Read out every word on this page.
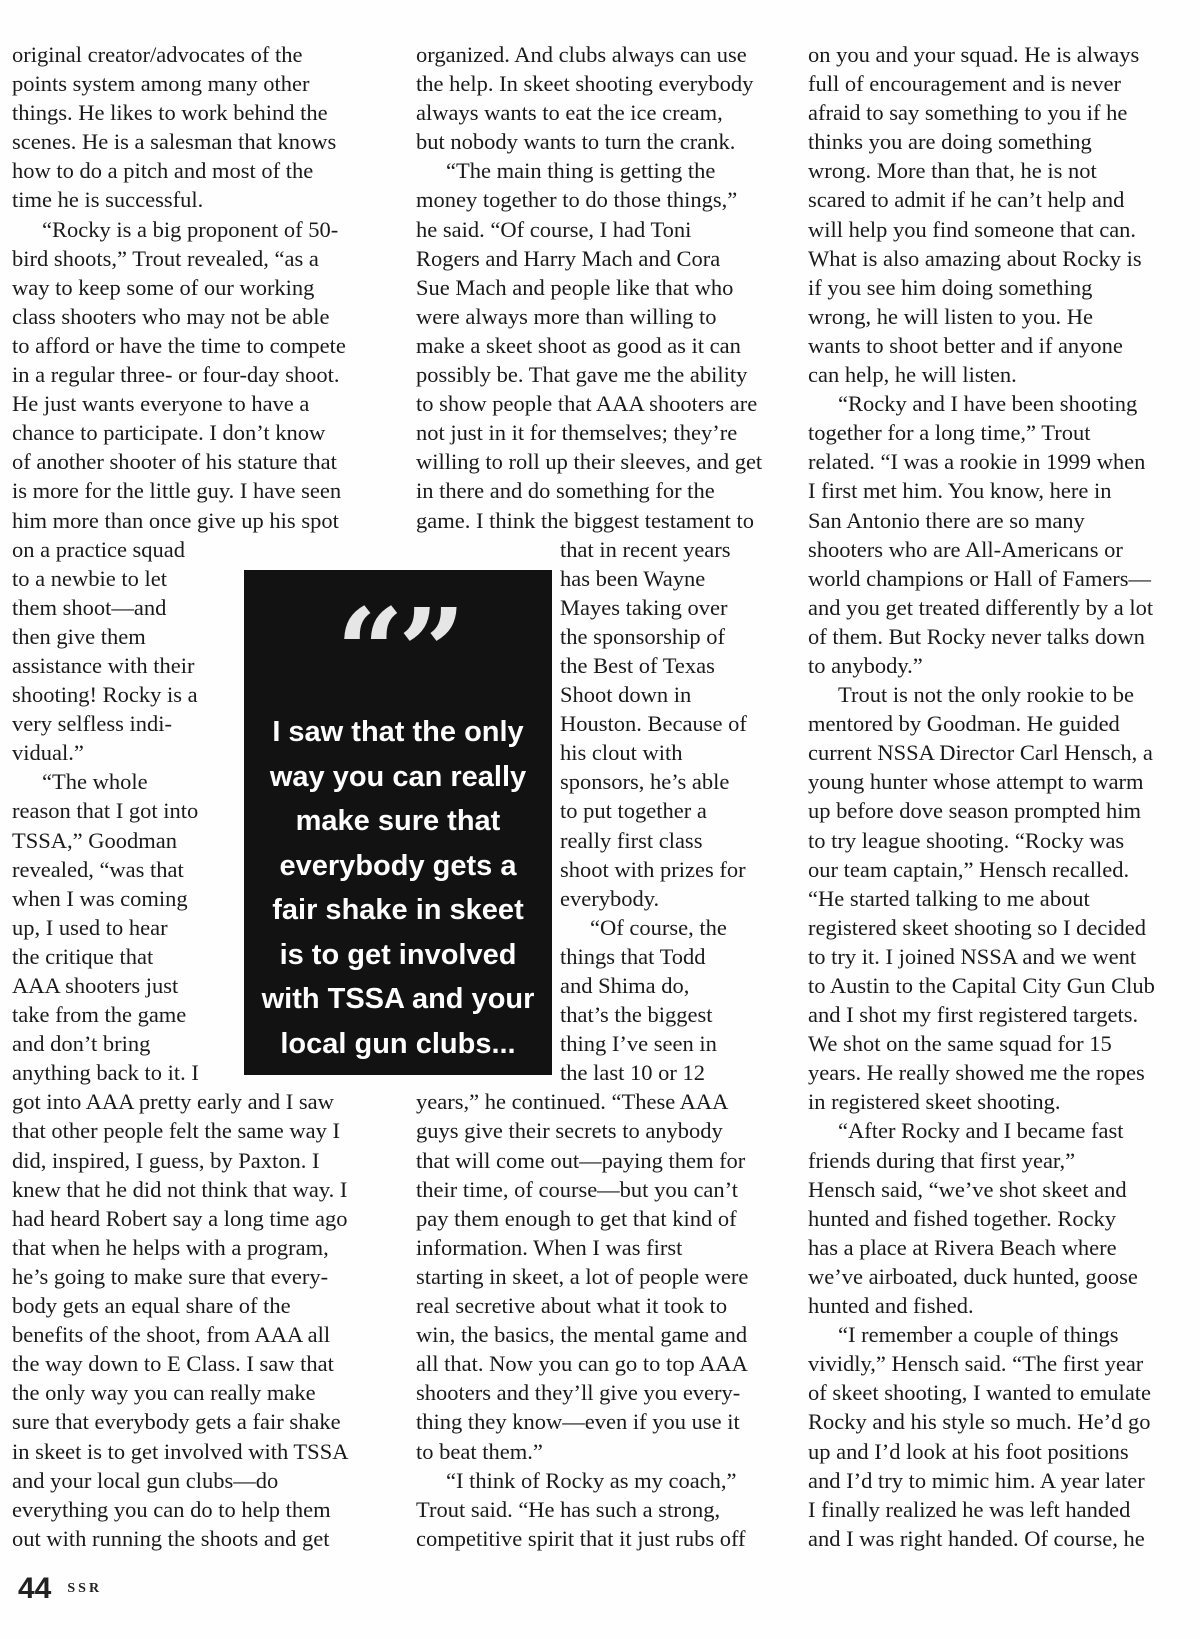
original creator/advocates of the
points system among many other
things. He likes to work behind the
scenes. He is a salesman that knows
how to do a pitch and most of the
time he is successful.
“Rocky is a big proponent of 50-
bird shoots,” Trout revealed, “as a
way to keep some of our working
class shooters who may not be able
to afford or have the time to compete
in a regular three- or four-day shoot.
He just wants everyone to have a
chance to participate. I don’t know
of another shooter of his stature that
is more for the little guy. I have seen
him more than once give up his spot
on a practice squad
to a newbie to let
them shoot—and
then give them
assistance with their
shooting! Rocky is a
very selfless indi-
vidual.”
“The whole
reason that I got into
TSSA,” Goodman
revealed, “was that
when I was coming
up, I used to hear
the critique that
AAA shooters just
take from the game
and don’t bring
anything back to it. I
got into AAA pretty early and I saw
that other people felt the same way I
did, inspired, I guess, by Paxton. I
knew that he did not think that way. I
had heard Robert say a long time ago
that when he helps with a program,
he’s going to make sure that every-
body gets an equal share of the
benefits of the shoot, from AAA all
the way down to E Class. I saw that
the only way you can really make
sure that everybody gets a fair shake
in skeet is to get involved with TSSA
and your local gun clubs—do
everything you can do to help them
out with running the shoots and get
organized. And clubs always can use
the help. In skeet shooting everybody
always wants to eat the ice cream,
but nobody wants to turn the crank.
“The main thing is getting the
money together to do those things,”
he said. “Of course, I had Toni
Rogers and Harry Mach and Cora
Sue Mach and people like that who
were always more than willing to
make a skeet shoot as good as it can
possibly be. That gave me the ability
to show people that AAA shooters are
not just in it for themselves; they’re
willing to roll up their sleeves, and get
in there and do something for the
game. I think the biggest testament to
that in recent years
has been Wayne
Mayes taking over
the sponsorship of
the Best of Texas
Shoot down in
Houston. Because of
his clout with
sponsors, he’s able
to put together a
really first class
shoot with prizes for
everybody.
“Of course, the
things that Todd
and Shima do,
that’s the biggest
thing I’ve seen in
the last 10 or 12
years,” he continued. “These AAA
guys give their secrets to anybody
that will come out—paying them for
their time, of course—but you can’t
pay them enough to get that kind of
information. When I was first
starting in skeet, a lot of people were
real secretive about what it took to
win, the basics, the mental game and
all that. Now you can go to top AAA
shooters and they’ll give you every-
thing they know—even if you use it
to beat them.”
“I think of Rocky as my coach,”
Trout said. “He has such a strong,
competitive spirit that it just rubs off
on you and your squad. He is always
full of encouragement and is never
afraid to say something to you if he
thinks you are doing something
wrong. More than that, he is not
scared to admit if he can’t help and
will help you find someone that can.
What is also amazing about Rocky is
if you see him doing something
wrong, he will listen to you. He
wants to shoot better and if anyone
can help, he will listen.
“Rocky and I have been shooting
together for a long time,” Trout
related. “I was a rookie in 1999 when
I first met him. You know, here in
San Antonio there are so many
shooters who are All-Americans or
world champions or Hall of Famers—
and you get treated differently by a lot
of them. But Rocky never talks down
to anybody.”
Trout is not the only rookie to be
mentored by Goodman. He guided
current NSSA Director Carl Hensch, a
young hunter whose attempt to warm
up before dove season prompted him
to try league shooting. “Rocky was
our team captain,” Hensch recalled.
“He started talking to me about
registered skeet shooting so I decided
to try it. I joined NSSA and we went
to Austin to the Capital City Gun Club
and I shot my first registered targets.
We shot on the same squad for 15
years. He really showed me the ropes
in registered skeet shooting.
“After Rocky and I became fast
friends during that first year,”
Hensch said, “we’ve shot skeet and
hunted and fished together. Rocky
has a place at Rivera Beach where
we’ve airboated, duck hunted, goose
hunted and fished.
“I remember a couple of things
vividly,” Hensch said. “The first year
of skeet shooting, I wanted to emulate
Rocky and his style so much. He’d go
up and I’d look at his foot positions
and I’d try to mimic him. A year later
I finally realized he was left handed
and I was right handed. Of course, he
“”
I saw that the only
way you can really
make sure that
everybody gets a
fair shake in skeet
is to get involved
with TSSA and your
local gun clubs...
44 SSR
